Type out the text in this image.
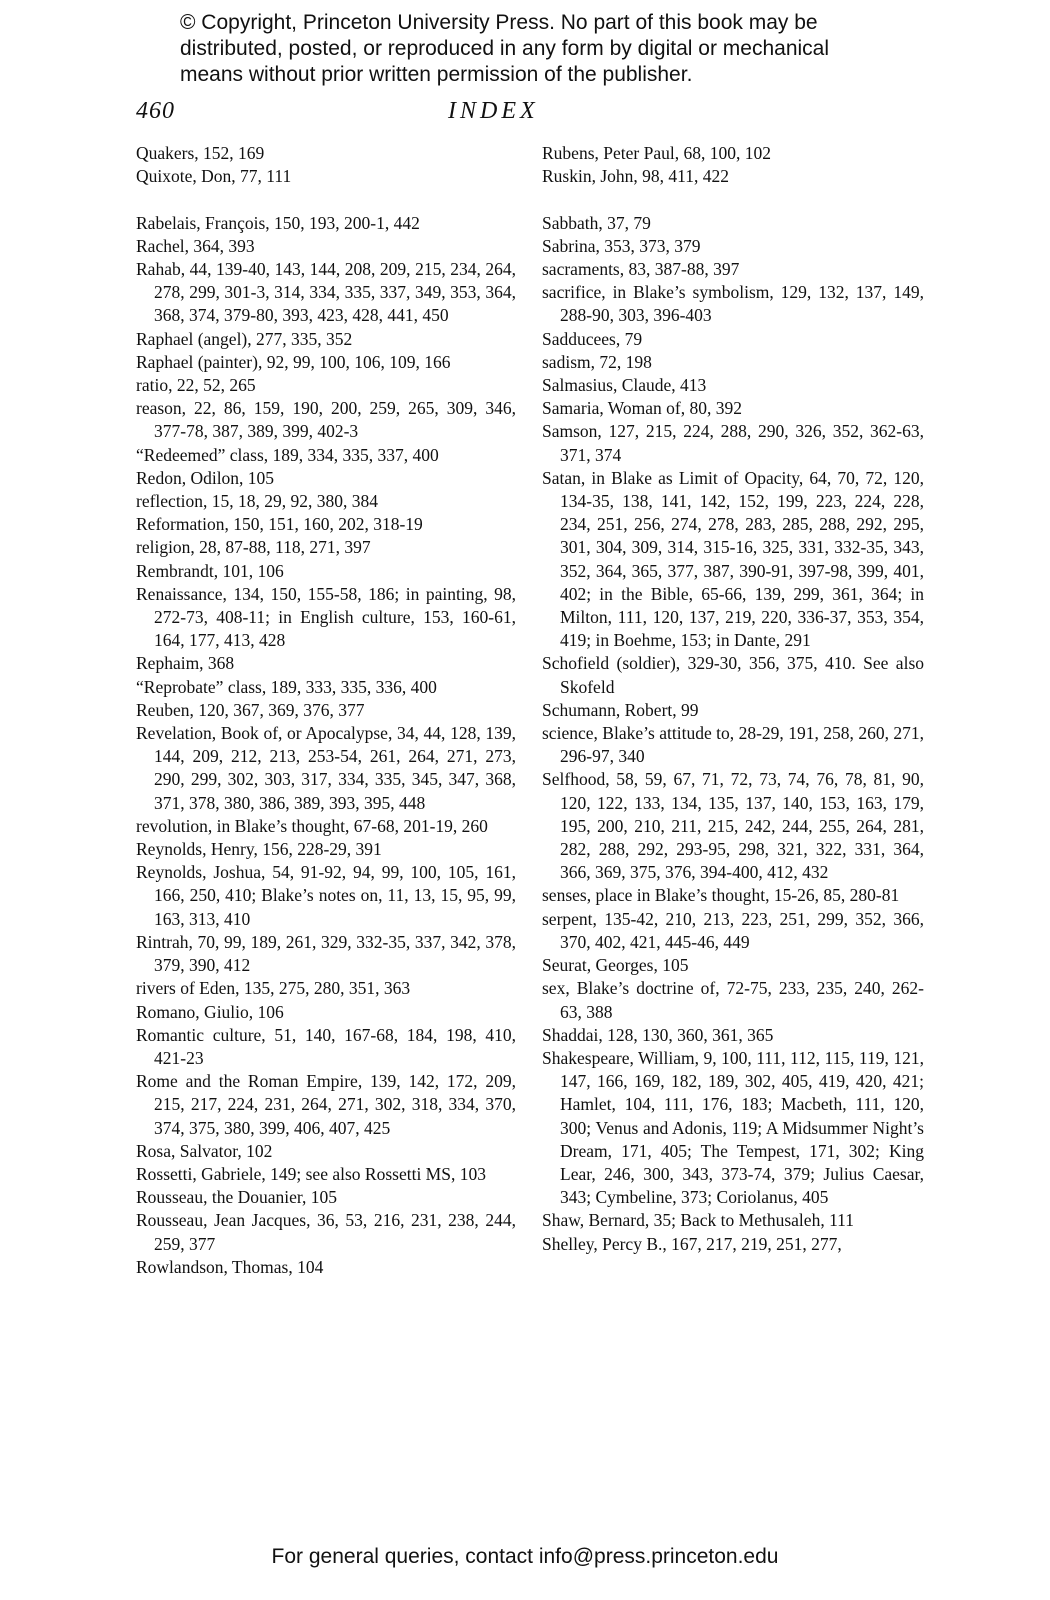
© Copyright, Princeton University Press. No part of this book may be
distributed, posted, or reproduced in any form by digital or mechanical
means without prior written permission of the publisher.
460	INDEX
Quakers, 152, 169
Quixote, Don, 77, 111
Rabelais, François, 150, 193, 200-1, 442
Rachel, 364, 393
Rahab, 44, 139-40, 143, 144, 208, 209, 215, 234, 264, 278, 299, 301-3, 314, 334, 335, 337, 349, 353, 364, 368, 374, 379-80, 393, 423, 428, 441, 450
Raphael (angel), 277, 335, 352
Raphael (painter), 92, 99, 100, 106, 109, 166
ratio, 22, 52, 265
reason, 22, 86, 159, 190, 200, 259, 265, 309, 346, 377-78, 387, 389, 399, 402-3
“Redeemed” class, 189, 334, 335, 337, 400
Redon, Odilon, 105
reflection, 15, 18, 29, 92, 380, 384
Reformation, 150, 151, 160, 202, 318-19
religion, 28, 87-88, 118, 271, 397
Rembrandt, 101, 106
Renaissance, 134, 150, 155-58, 186; in painting, 98, 272-73, 408-11; in English culture, 153, 160-61, 164, 177, 413, 428
Rephaim, 368
“Reprobate” class, 189, 333, 335, 336, 400
Reuben, 120, 367, 369, 376, 377
Revelation, Book of, or Apocalypse, 34, 44, 128, 139, 144, 209, 212, 213, 253-54, 261, 264, 271, 273, 290, 299, 302, 303, 317, 334, 335, 345, 347, 368, 371, 378, 380, 386, 389, 393, 395, 448
revolution, in Blake’s thought, 67-68, 201-19, 260
Reynolds, Henry, 156, 228-29, 391
Reynolds, Joshua, 54, 91-92, 94, 99, 100, 105, 161, 166, 250, 410; Blake’s notes on, 11, 13, 15, 95, 99, 163, 313, 410
Rintrah, 70, 99, 189, 261, 329, 332-35, 337, 342, 378, 379, 390, 412
rivers of Eden, 135, 275, 280, 351, 363
Romano, Giulio, 106
Romantic culture, 51, 140, 167-68, 184, 198, 410, 421-23
Rome and the Roman Empire, 139, 142, 172, 209, 215, 217, 224, 231, 264, 271, 302, 318, 334, 370, 374, 375, 380, 399, 406, 407, 425
Rosa, Salvator, 102
Rossetti, Gabriele, 149; see also Rossetti MS, 103
Rousseau, the Douanier, 105
Rousseau, Jean Jacques, 36, 53, 216, 231, 238, 244, 259, 377
Rowlandson, Thomas, 104
Rubens, Peter Paul, 68, 100, 102
Ruskin, John, 98, 411, 422
Sabbath, 37, 79
Sabrina, 353, 373, 379
sacraments, 83, 387-88, 397
sacrifice, in Blake’s symbolism, 129, 132, 137, 149, 288-90, 303, 396-403
Sadducees, 79
sadism, 72, 198
Salmasius, Claude, 413
Samaria, Woman of, 80, 392
Samson, 127, 215, 224, 288, 290, 326, 352, 362-63, 371, 374
Satan, in Blake as Limit of Opacity, 64, 70, 72, 120, 134-35, 138, 141, 142, 152, 199, 223, 224, 228, 234, 251, 256, 274, 278, 283, 285, 288, 292, 295, 301, 304, 309, 314, 315-16, 325, 331, 332-35, 343, 352, 364, 365, 377, 387, 390-91, 397-98, 399, 401, 402; in the Bible, 65-66, 139, 299, 361, 364; in Milton, 111, 120, 137, 219, 220, 336-37, 353, 354, 419; in Boehme, 153; in Dante, 291
Schofield (soldier), 329-30, 356, 375, 410. See also Skofeld
Schumann, Robert, 99
science, Blake’s attitude to, 28-29, 191, 258, 260, 271, 296-97, 340
Selfhood, 58, 59, 67, 71, 72, 73, 74, 76, 78, 81, 90, 120, 122, 133, 134, 135, 137, 140, 153, 163, 179, 195, 200, 210, 211, 215, 242, 244, 255, 264, 281, 282, 288, 292, 293-95, 298, 321, 322, 331, 364, 366, 369, 375, 376, 394-400, 412, 432
senses, place in Blake’s thought, 15-26, 85, 280-81
serpent, 135-42, 210, 213, 223, 251, 299, 352, 366, 370, 402, 421, 445-46, 449
Seurat, Georges, 105
sex, Blake’s doctrine of, 72-75, 233, 235, 240, 262-63, 388
Shaddai, 128, 130, 360, 361, 365
Shakespeare, William, 9, 100, 111, 112, 115, 119, 121, 147, 166, 169, 182, 189, 302, 405, 419, 420, 421; Hamlet, 104, 111, 176, 183; Macbeth, 111, 120, 300; Venus and Adonis, 119; A Midsummer Night’s Dream, 171, 405; The Tempest, 171, 302; King Lear, 246, 300, 343, 373-74, 379; Julius Caesar, 343; Cymbeline, 373; Coriolanus, 405
Shaw, Bernard, 35; Back to Methusaleh, 111
Shelley, Percy B., 167, 217, 219, 251, 277,
For general queries, contact info@press.princeton.edu
